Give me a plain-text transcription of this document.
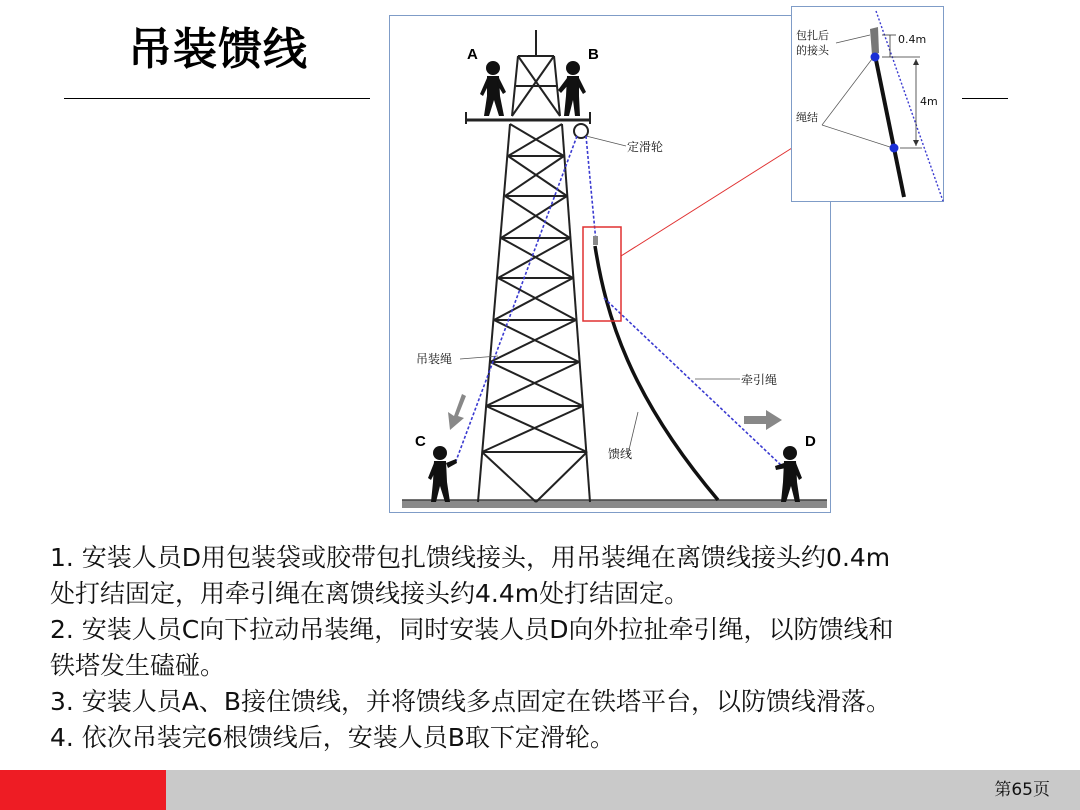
吊装馈线	A	B
C	D
定滑轮
吊装绳
牵引绳
馈线
包扎后
的接头
绳结
0.4m
4m

1. 安装人员D用包装袋或胶带包扎馈线接头，用吊装绳在离馈线接头约0.4m

处打结固定，用牵引绳在离馈线接头约4.4m处打结固定。

2. 安装人员C向下拉动吊装绳，同时安装人员D向外拉扯牵引绳，以防馈线和

铁塔发生磕碰。

3. 安装人员A、B接住馈线，并将馈线多点固定在铁塔平台，以防馈线滑落。

4. 依次吊装完6根馈线后，安装人员B取下定滑轮。

第65页
